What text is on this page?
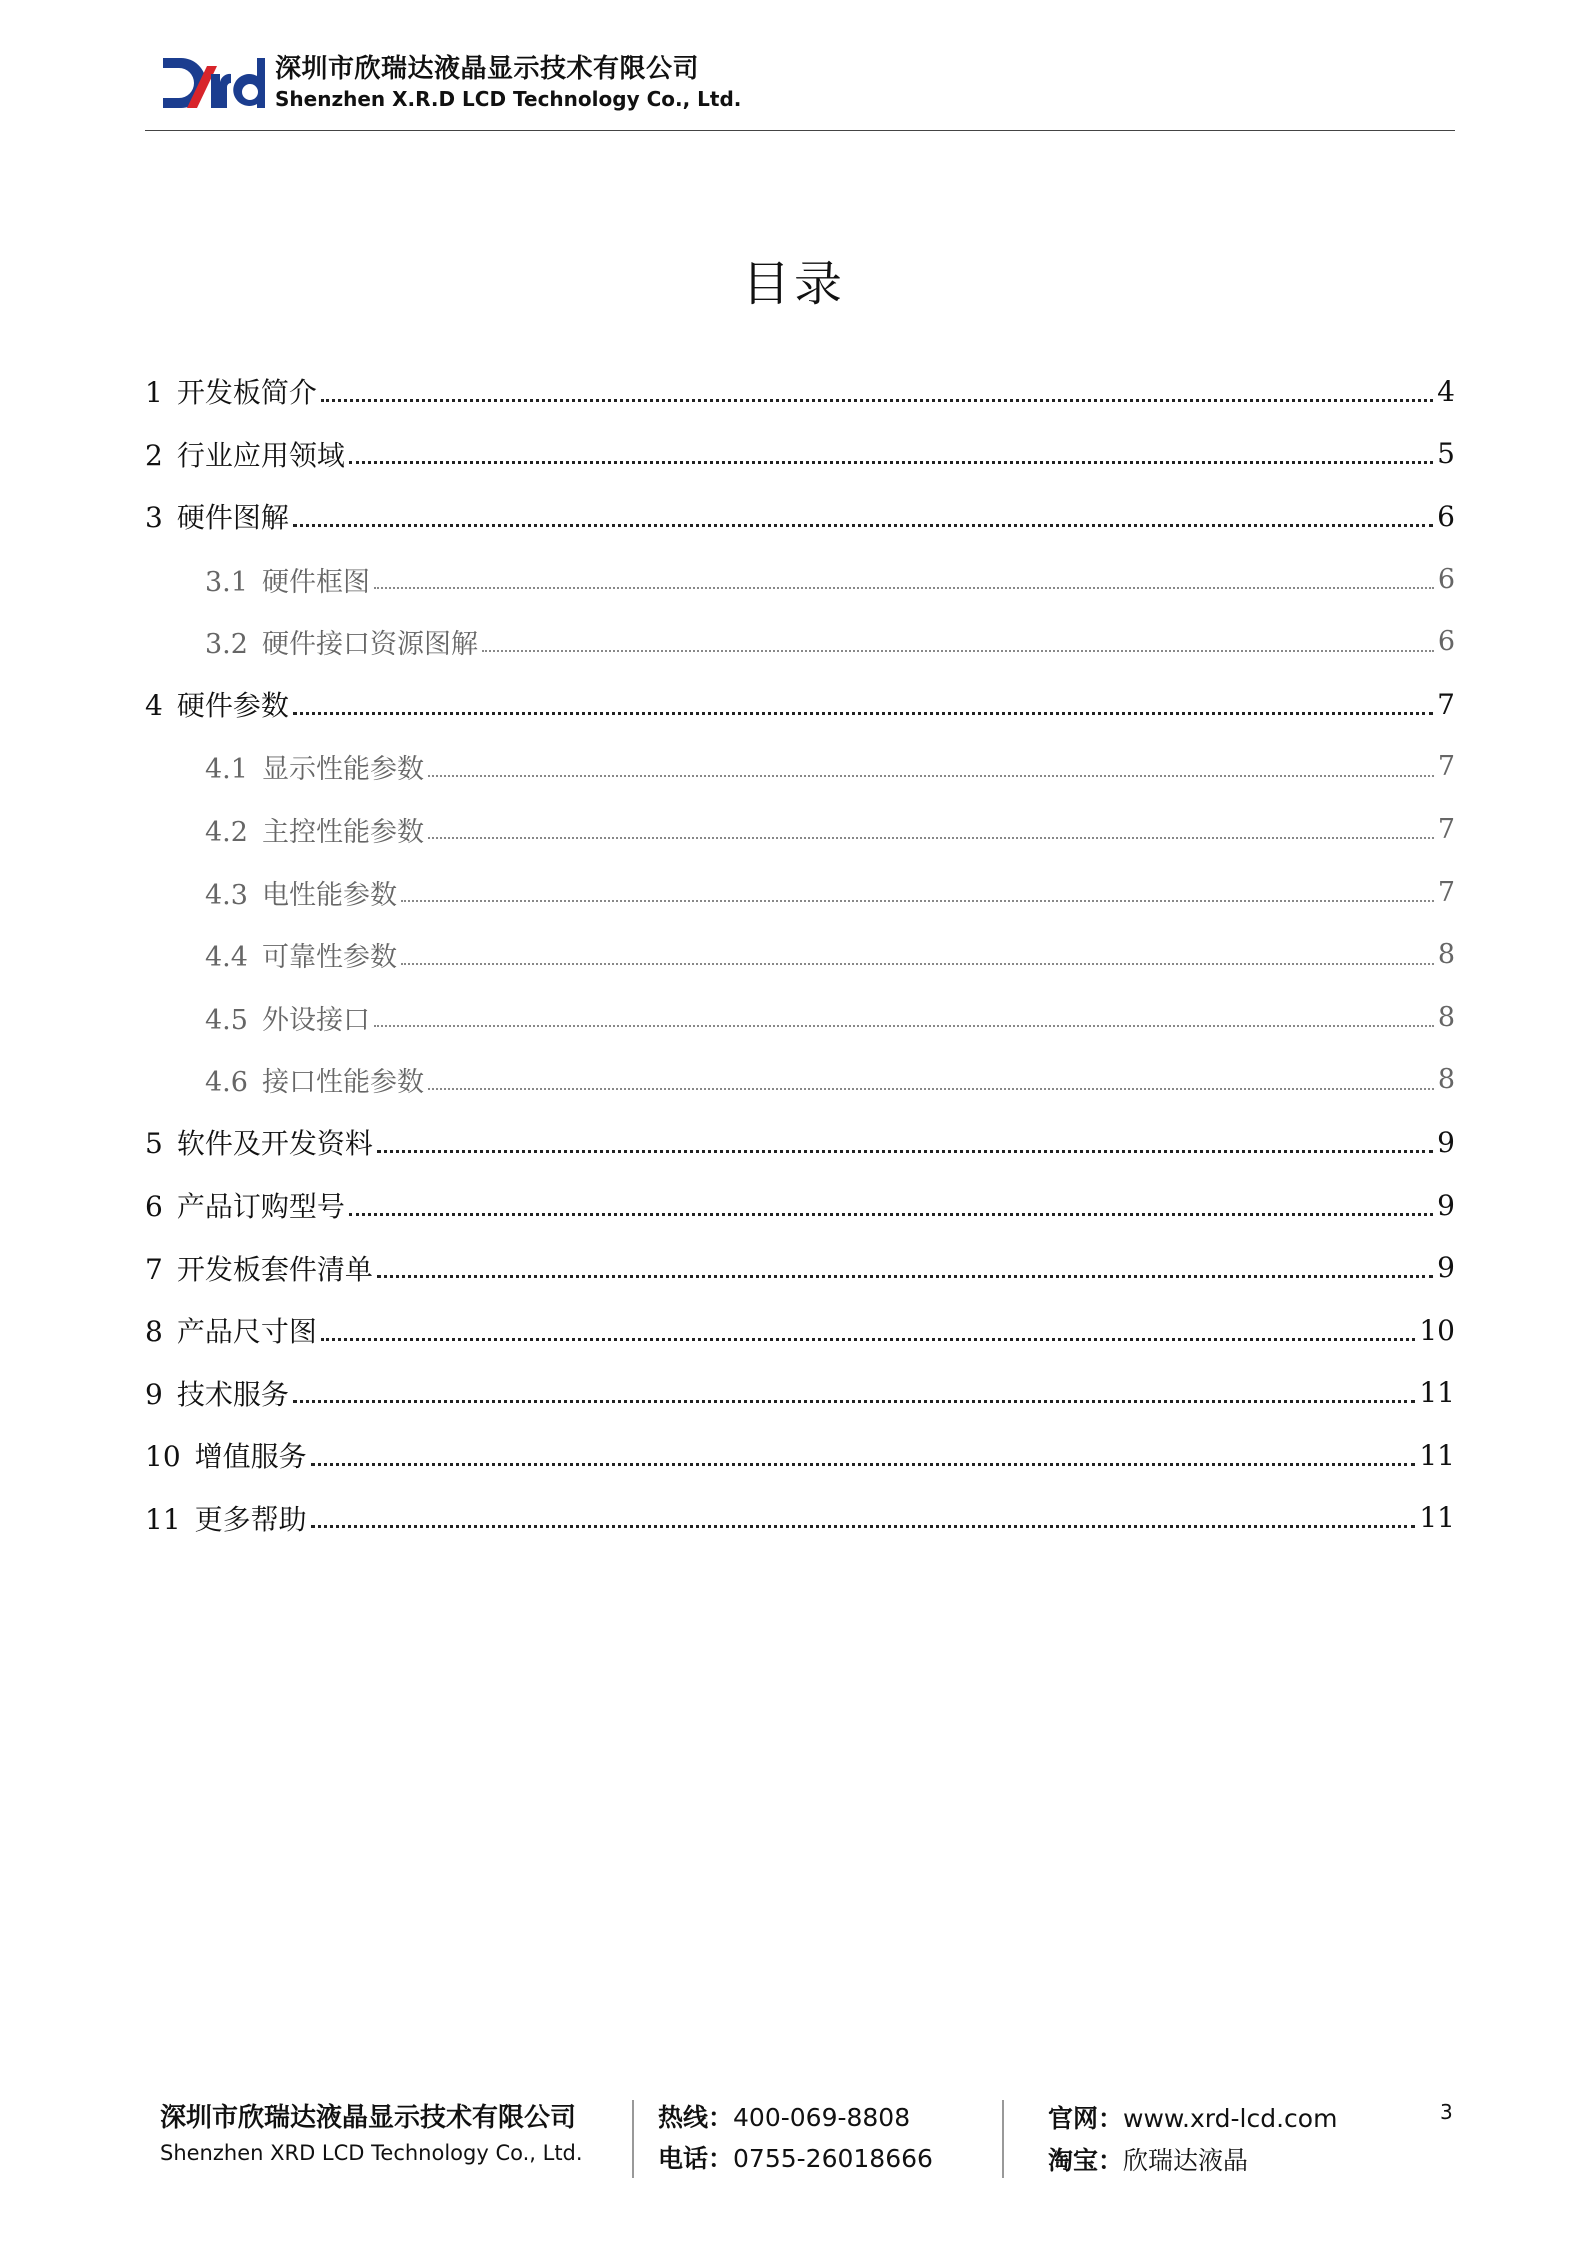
深圳市欣瑞达液晶显示技术有限公司
Shenzhen X.R.D LCD Technology Co., Ltd.
目录
1 开发板简介	4
2 行业应用领域	5
3 硬件图解	6
3.1 硬件框图	6
3.2 硬件接口资源图解	6
4 硬件参数	7
4.1 显示性能参数	7
4.2 主控性能参数	7
4.3 电性能参数	7
4.4 可靠性参数	8
4.5 外设接口	8
4.6 接口性能参数	8
5 软件及开发资料	9
6 产品订购型号	9
7 开发板套件清单	9
8 产品尺寸图	10
9 技术服务	11
10 增值服务	11
11 更多帮助	11
深圳市欣瑞达液晶显示技术有限公司
Shenzhen XRD LCD Technology Co., Ltd.
热线：400-069-8808
电话：0755-26018666
官网：www.xrd-lcd.com
淘宝：欣瑞达液晶
3
